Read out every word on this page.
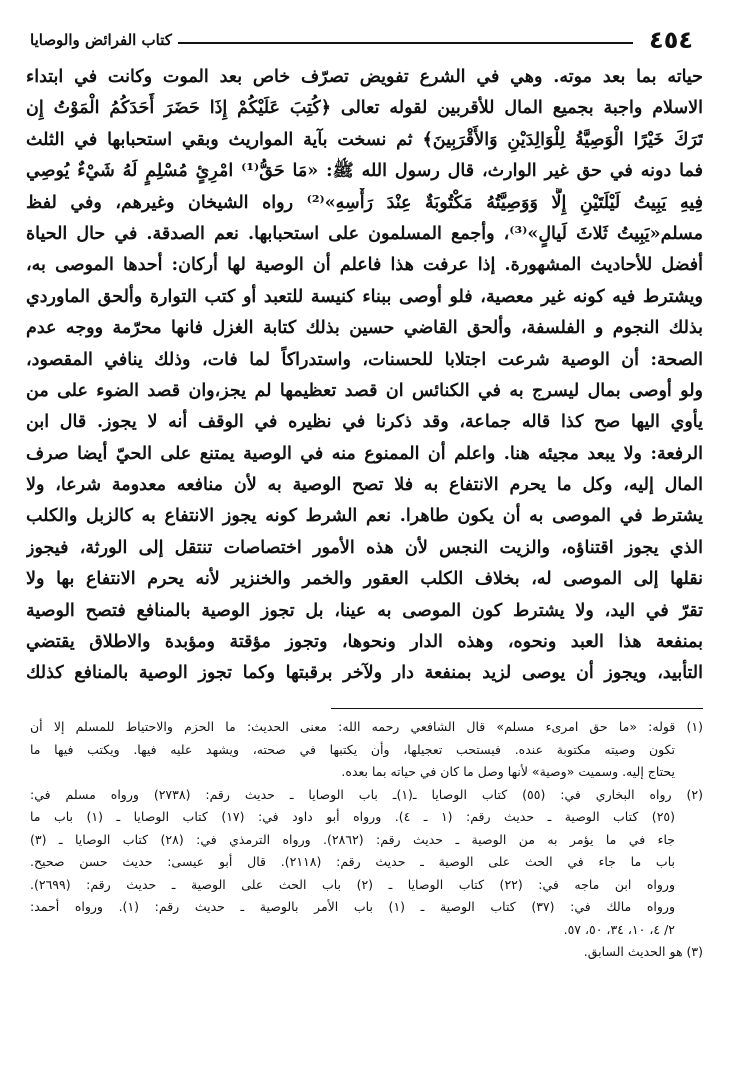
٤٥٤
كتاب الفرائض والوصايا
حياته بما بعد موته. وهي في الشرع تفويض تصرّف خاص بعد الموت وكانت في ابتداء
الاسلام واجبة بجميع المال للأقربين لقوله تعالى ﴿كُتِبَ عَلَيْكُمْ إِذَا حَضَرَ أَحَدَكُمُ الْمَوْتُ إِن
تَرَكَ خَيْرًا الْوَصِيَّةُ لِلْوَالِدَيْنِ وَالأَقْرَبِينَ﴾ ثم نسخت بآية المواريث وبقي استحبابها في الثلث
فما دونه في حق غير الوارث، قال رسول الله ﷺ: «مَا حَقُّ⁽¹⁾ امْرِئٍ مُسْلِمٍ لَهُ شَيْءٌ يُوصِي
فِيهِ يَبِيتُ لَيْلَتَيْنِ إِلَّا وَوَصِيَّتُهُ مَكْتُوبَةٌ عِنْدَ رَأْسِهِ»⁽²⁾ رواه الشيخان وغيرهم، وفي لفظ
مسلم«يَبِيتُ ثَلاثَ لَيالٍ»⁽³⁾، وأجمع المسلمون على استحبابها. نعم الصدقة. في حال الحياة
أفضل للأحاديث المشهورة. إذا عرفت هذا فاعلم أن الوصية لها أركان: أحدها الموصى به،
ويشترط فيه كونه غير معصية، فلو أوصى ببناء كنيسة للتعبد أو كتب التوارة وألحق الماوردي
بذلك النجوم و الفلسفة، وألحق القاضي حسين بذلك كتابة الغزل فانها محرّمة ووجه عدم
الصحة: أن الوصية شرعت اجتلابا للحسنات، واستدراكاً لما فات، وذلك ينافي المقصود،
ولو أوصى بمال ليسرج به في الكنائس ان قصد تعظيمها لم يجز،وان قصد الضوء على من
يأوي اليها صح كذا قاله جماعة، وقد ذكرنا في نظيره في الوقف أنه لا يجوز. قال ابن
الرفعة: ولا يبعد مجيئه هنا. واعلم أن الممنوع منه في الوصية يمتنع على الحيّ أيضا صرف
المال إليه، وكل ما يحرم الانتفاع به فلا تصح الوصية به لأن منافعه معدومة شرعا، ولا
يشترط في الموصى به أن يكون طاهرا. نعم الشرط كونه يجوز الانتفاع به كالزبل والكلب
الذي يجوز اقتناؤه، والزيت النجس لأن هذه الأمور اختصاصات تنتقل إلى الورثة، فيجوز
نقلها إلى الموصى له، بخلاف الكلب العقور والخمر والخنزير لأنه يحرم الانتفاع بها ولا
تقرّ في اليد، ولا يشترط كون الموصى به عينا، بل تجوز الوصية بالمنافع فتصح الوصية
بمنفعة هذا العبد ونحوه، وهذه الدار ونحوها، وتجوز مؤقتة ومؤبدة والاطلاق يقتضي
التأبيد، ويجوز أن يوصى لزيد بمنفعة دار ولآخر برقبتها وكما تجوز الوصية بالمنافع كذلك
(١) قوله: «ما حق امرىء مسلم» قال الشافعي رحمه الله: معنى الحديث: ما الحزم والاحتياط للمسلم إلا أن
تكون وصيته مكتوبة عنده. فيستحب تعجيلها، وأن يكتبها في صحته، ويشهد عليه فيها. ويكتب فيها ما
يحتاج إليه. وسميت «وصية» لأنها وصل ما كان في حياته بما بعده.
(٢) رواه البخاري في: (٥٥) كتاب الوصايا ـ(١)ـ باب الوصايا ـ حديث رقم: (٢٧٣٨) ورواه مسلم في:
(٢٥) كتاب الوصية ـ حديث رقم: (١ ـ ٤). ورواه أبو داود في: (١٧) كتاب الوصايا ـ (١) باب ما
جاء في ما يؤمر به من الوصية ـ حديث رقم: (٢٨٦٢). ورواه الترمذي في: (٢٨) كتاب الوصايا ـ (٣)
باب ما جاء في الحث على الوصية ـ حديث رقم: (٢١١٨). قال أبو عيسى: حديث حسن صحيح.
ورواه ابن ماجه في: (٢٢) كتاب الوصايا ـ (٢) باب الحث على الوصية ـ حديث رقم: (٢٦٩٩).
ورواه مالك في: (٣٧) كتاب الوصية ـ (١) باب الأمر بالوصية ـ حديث رقم: (١). ورواه أحمد:
٢/ ٤، ١٠، ٣٤، ٥٠، ٥٧.
(٣) هو الحديث السابق.
